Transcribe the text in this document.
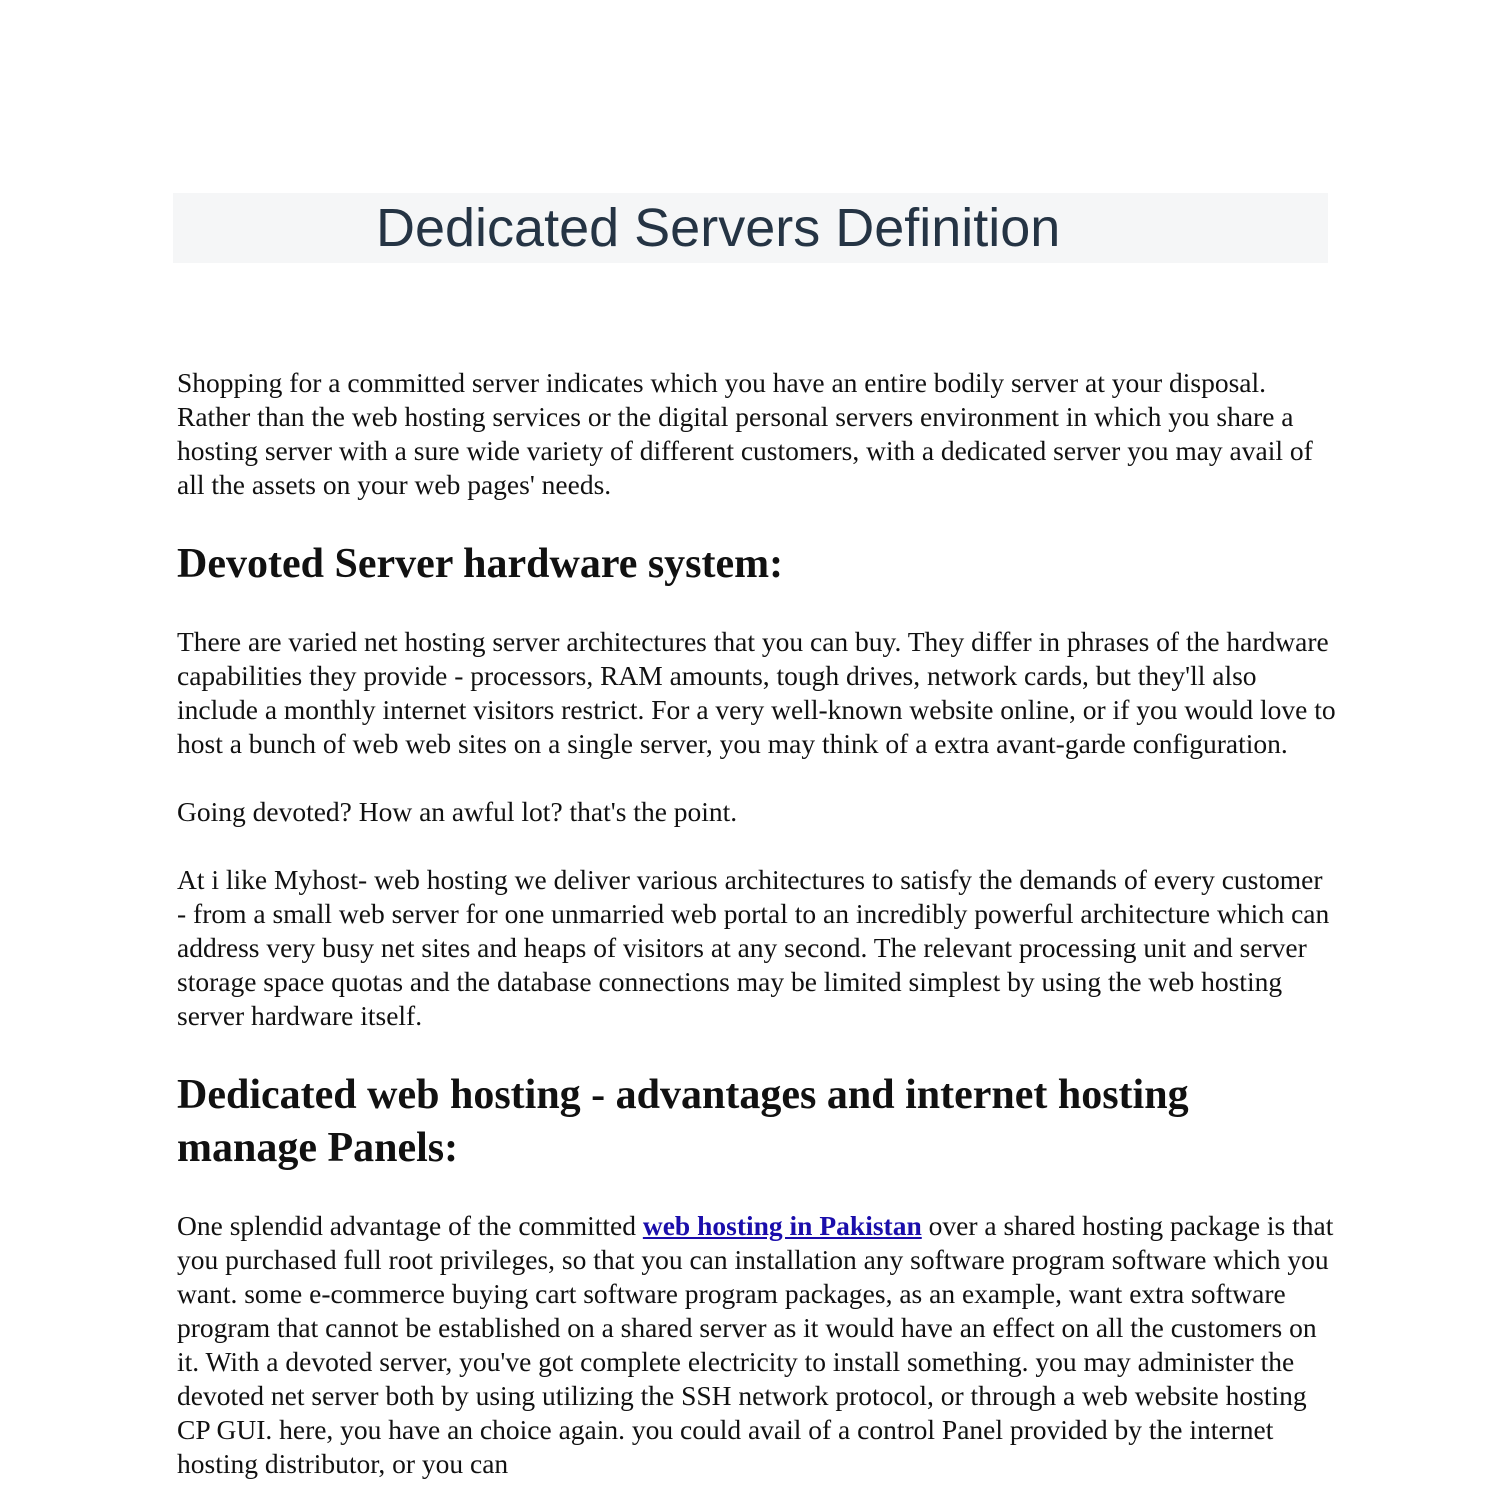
Dedicated Servers Definition

Shopping for a committed server indicates which you have an entire bodily server at your disposal. Rather than the web hosting services or the digital personal servers environment in which you share a hosting server with a sure wide variety of different customers, with a dedicated server you may avail of all the assets on your web pages' needs.

Devoted Server hardware system:

There are varied net hosting server architectures that you can buy. They differ in phrases of the hardware capabilities they provide - processors, RAM amounts, tough drives, network cards, but they'll also include a monthly internet visitors restrict. For a very well-known website online, or if you would love to host a bunch of web web sites on a single server, you may think of a extra avant-garde configuration.

Going devoted? How an awful lot? that's the point.

At i like Myhost- web hosting we deliver various architectures to satisfy the demands of every customer - from a small web server for one unmarried web portal to an incredibly powerful architecture which can address very busy net sites and heaps of visitors at any second. The relevant processing unit and server storage space quotas and the database connections may be limited simplest by using the web hosting server hardware itself.

Dedicated web hosting - advantages and internet hosting manage Panels:

One splendid advantage of the committed web hosting in Pakistan over a shared hosting package is that you purchased full root privileges, so that you can installation any software program software which you want. some e-commerce buying cart software program packages, as an example, want extra software program that cannot be established on a shared server as it would have an effect on all the customers on it. With a devoted server, you've got complete electricity to install something. you may administer the devoted net server both by using utilizing the SSH network protocol, or through a web website hosting CP GUI. here, you have an choice again. you could avail of a control Panel provided by the internet hosting distributor, or you can
